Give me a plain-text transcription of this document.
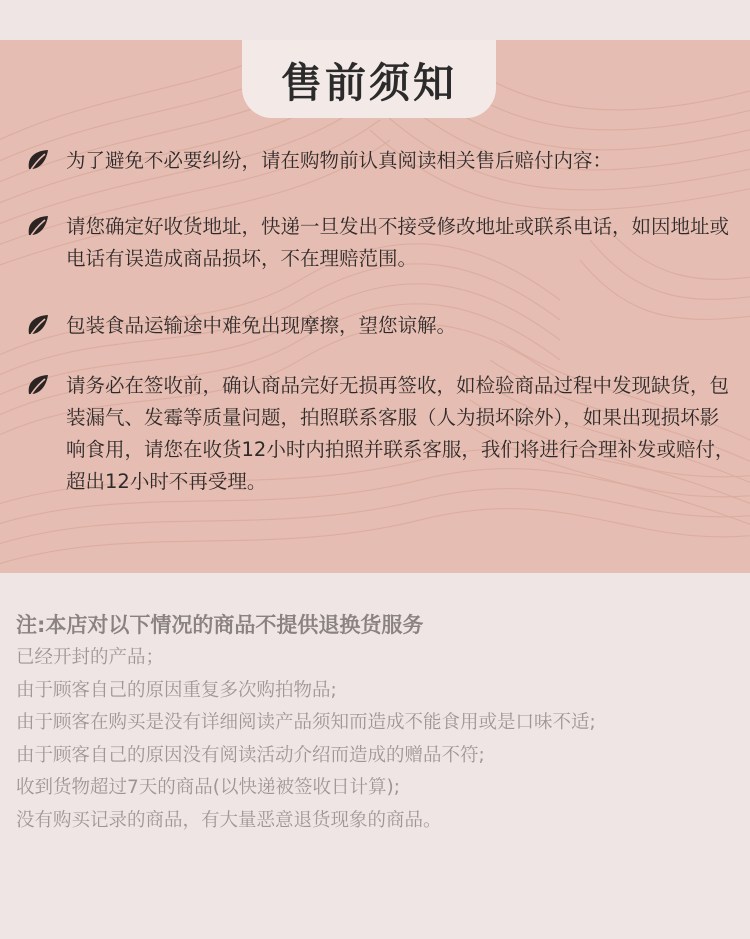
售前须知
为了避免不必要纠纷，请在购物前认真阅读相关售后赔付内容：
请您确定好收货地址，快递一旦发出不接受修改地址或联系电话，如因地址或电话有误造成商品损坏，不在理赔范围。
包装食品运输途中难免出现摩擦，望您谅解。
请务必在签收前，确认商品完好无损再签收，如检验商品过程中发现缺货，包装漏气、发霉等质量问题，拍照联系客服（人为损坏除外），如果出现损坏影响食用，请您在收货12小时内拍照并联系客服，我们将进行合理补发或赔付，超出12小时不再受理。

注:本店对以下情况的商品不提供退换货服务

已经开封的产品；

由于顾客自己的原因重复多次购拍物品;

由于顾客在购买是没有详细阅读产品须知而造成不能食用或是口味不适;

由于顾客自己的原因没有阅读活动介绍而造成的赠品不符;

收到货物超过7天的商品(以快递被签收日计算);

没有购买记录的商品，有大量恶意退货现象的商品。
